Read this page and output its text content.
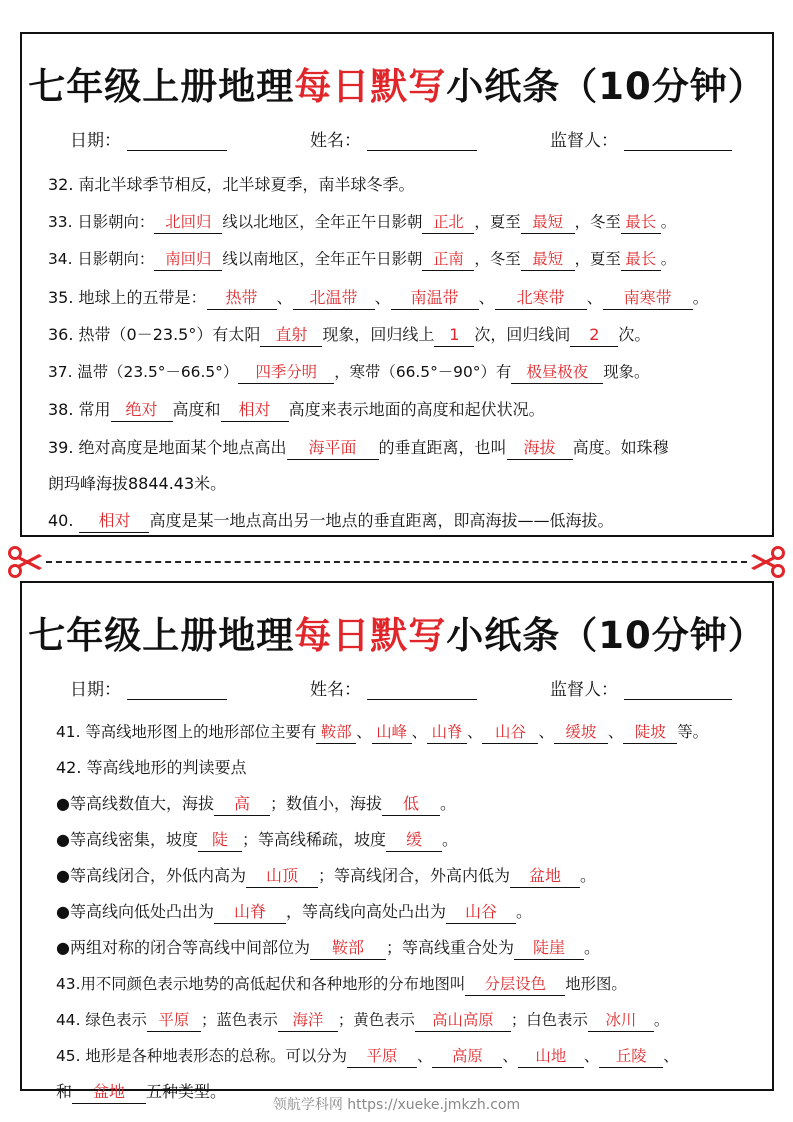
七年级上册地理每日默写小纸条（10分钟）
日期：	姓名：	监督人：
32. 南北半球季节相反，北半球夏季，南半球冬季。
33. 日影朝向： 北回归 线以北地区，全年正午日影朝 正北 ，夏至 最短 ，冬至 最长 。
34. 日影朝向： 南回归 线以南地区，全年正午日影朝 正南 ，冬至 最短 ，夏至 最长 。
35. 地球上的五带是： 热带 、 北温带 、 南温带 、 北寒带 、 南寒带 。
36. 热带（0－23.5°）有太阳 直射 现象，回归线上 1 次，回归线间 2 次。
37. 温带（23.5°－66.5°） 四季分明 ，寒带（66.5°－90°）有 极昼极夜 现象。
38. 常用 绝对 高度和 相对 高度来表示地面的高度和起伏状况。
39. 绝对高度是地面某个地点高出 海平面 的垂直距离，也叫 海拔 高度。如珠穆
朗玛峰海拔8844.43米。
40. 相对 高度是某一地点高出另一地点的垂直距离，即高海拔——低海拔。
七年级上册地理每日默写小纸条（10分钟）
日期：	姓名：	监督人：
41. 等高线地形图上的地形部位主要有 鞍部 、 山峰 、 山脊 、 山谷 、 缓坡 、 陡坡 等。
42. 等高线地形的判读要点
●等高线数值大，海拔 高 ；数值小，海拔 低 。
●等高线密集，坡度 陡 ；等高线稀疏，坡度 缓 。
●等高线闭合，外低内高为 山顶 ；等高线闭合，外高内低为 盆地 。
●等高线向低处凸出为 山脊 ，等高线向高处凸出为 山谷 。
●两组对称的闭合等高线中间部位为 鞍部 ；等高线重合处为 陡崖 。
43.用不同颜色表示地势的高低起伏和各种地形的分布地图叫 分层设色 地形图。
44. 绿色表示 平原 ；蓝色表示 海洋 ；黄色表示 高山高原 ；白色表示 冰川 。
45. 地形是各种地表形态的总称。可以分为 平原 、 高原 、 山地 、 丘陵 、
和 盆地 五种类型。
领航学科网 https://xueke.jmkzh.com
